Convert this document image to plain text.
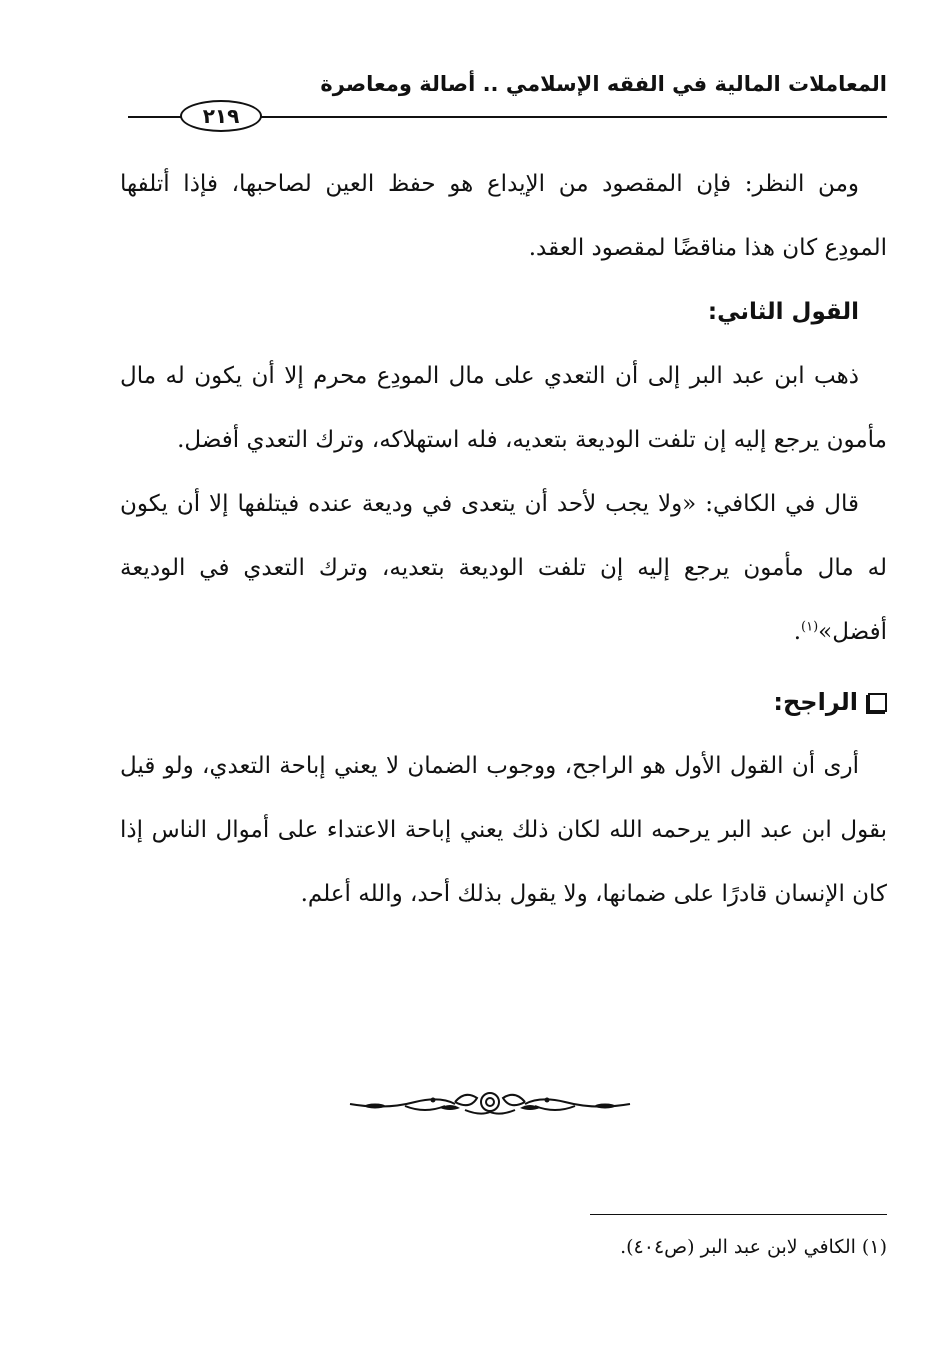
المعاملات المالية في الفقه الإسلامي .. أصالة ومعاصرة
٢١٩

ومن النظر: فإن المقصود من الإيداع هو حفظ العين لصاحبها، فإذا أتلفها المودِع كان هذا مناقضًا لمقصود العقد.

القول الثاني:

ذهب ابن عبد البر إلى أن التعدي على مال المودِع محرم إلا أن يكون له مال مأمون يرجع إليه إن تلفت الوديعة بتعديه، فله استهلاكه، وترك التعدي أفضل.

قال في الكافي: «ولا يجب لأحد أن يتعدى في وديعة عنده فيتلفها إلا أن يكون له مال مأمون يرجع إليه إن تلفت الوديعة بتعديه، وترك التعدي في الوديعة أفضل»$^{(١)}$.

الراجح:

أرى أن القول الأول هو الراجح، ووجوب الضمان لا يعني إباحة التعدي، ولو قيل بقول ابن عبد البر يرحمه الله لكان ذلك يعني إباحة الاعتداء على أموال الناس إذا كان الإنسان قادرًا على ضمانها، ولا يقول بذلك أحد، والله أعلم.

(١) الكافي لابن عبد البر (ص٤٠٤).
